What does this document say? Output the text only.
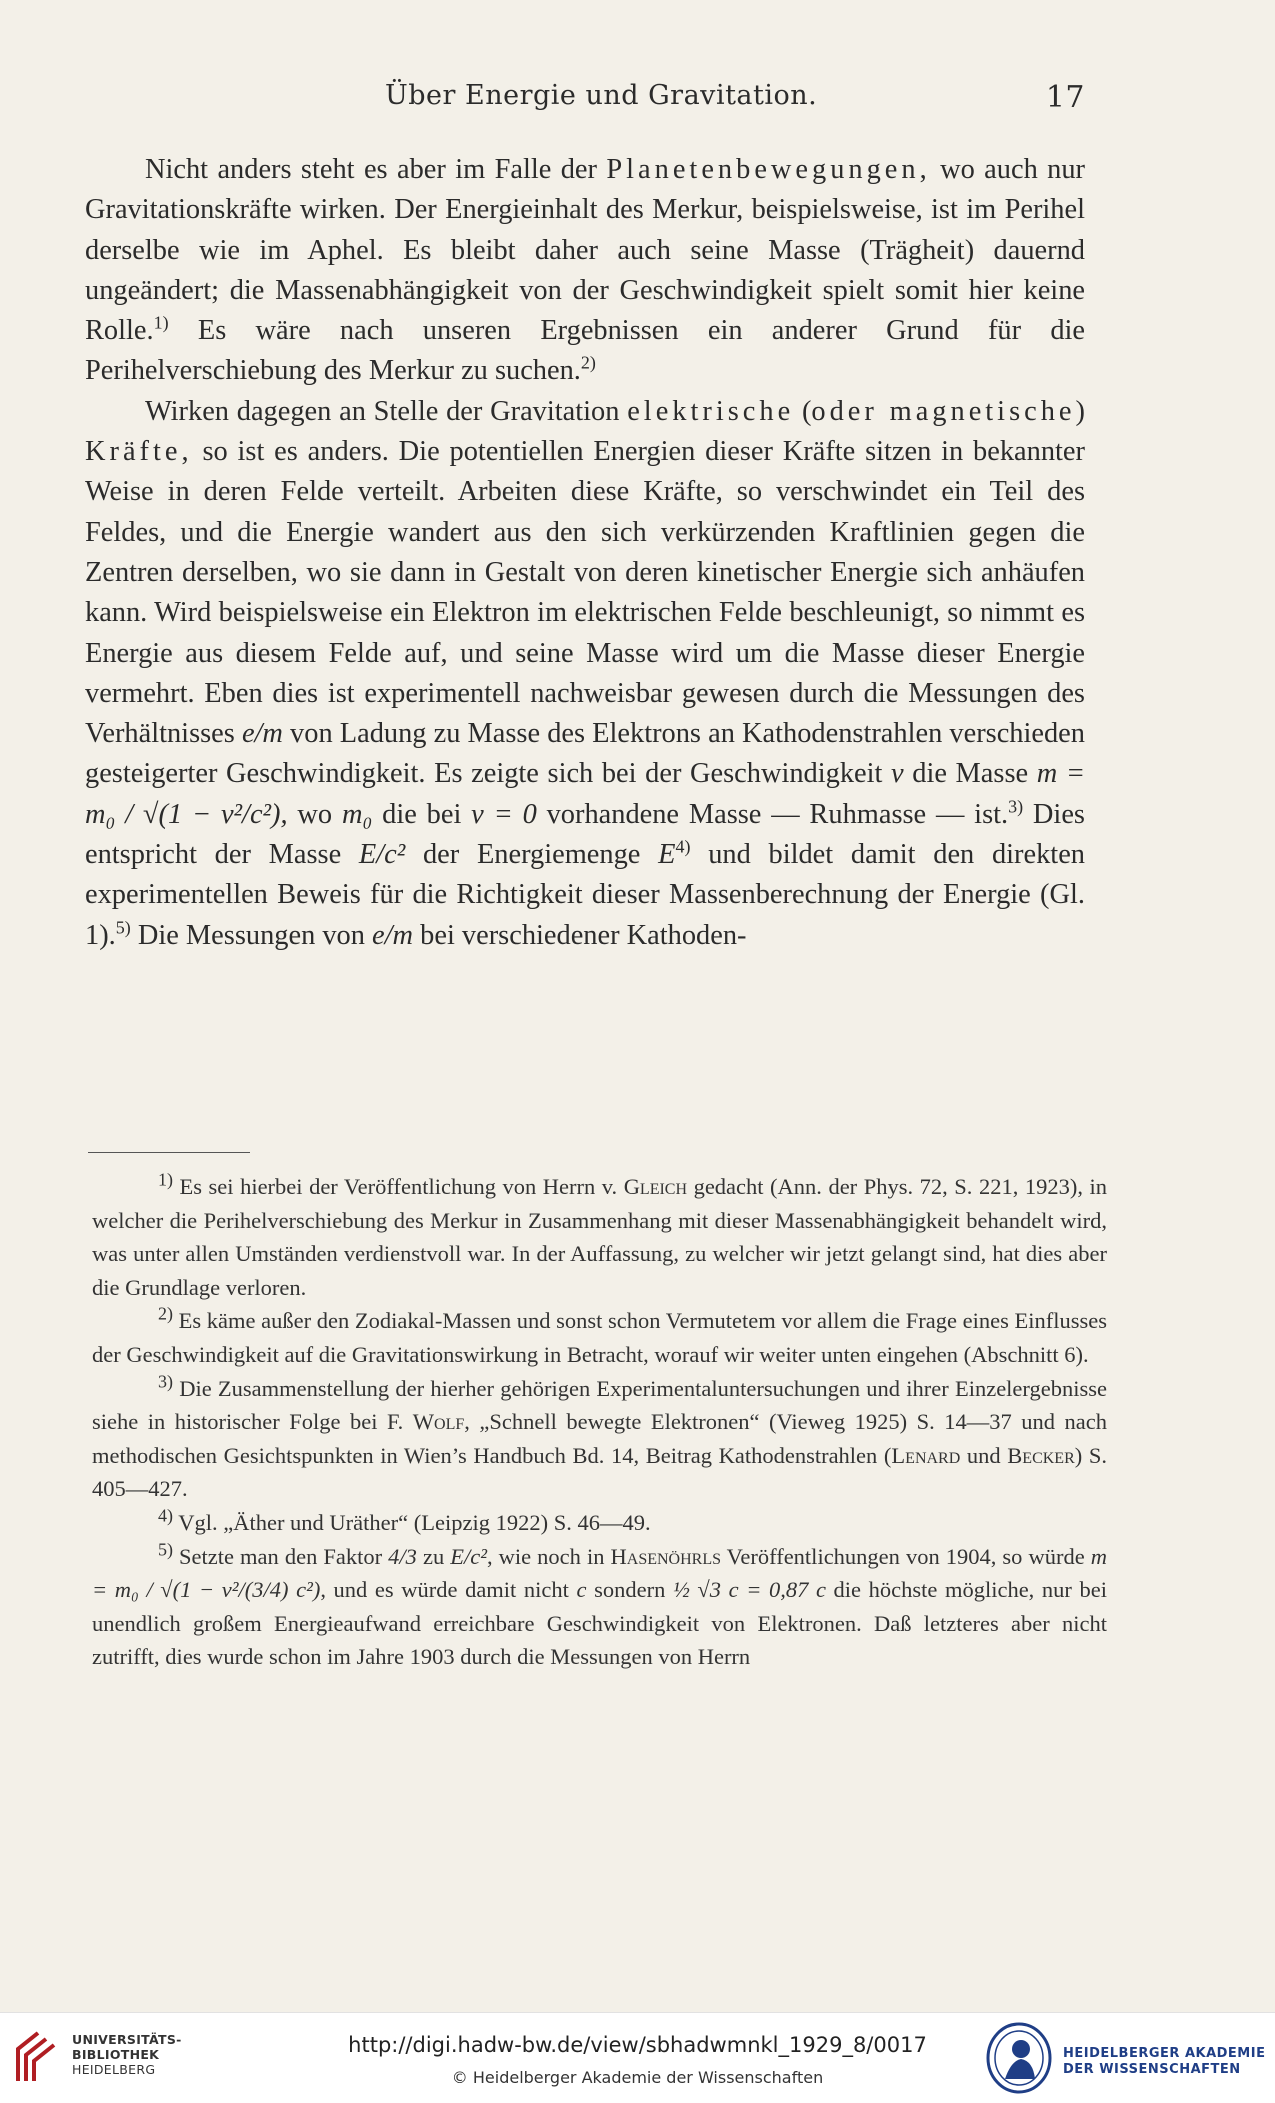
Über Energie und Gravitation.	17

Nicht anders steht es aber im Falle der Planetenbewegungen, wo auch nur Gravitationskräfte wirken. Der Energieinhalt des Merkur, beispielsweise, ist im Perihel derselbe wie im Aphel. Es bleibt daher auch seine Masse (Trägheit) dauernd ungeändert; die Massenabhängigkeit von der Geschwindigkeit spielt somit hier keine Rolle.$^{1)}$ Es wäre nach unseren Ergebnissen ein anderer Grund für die Perihelverschiebung des Merkur zu suchen.$^{2)}$

Wirken dagegen an Stelle der Gravitation elektrische (oder magnetische) Kräfte, so ist es anders. Die potentiellen Energien dieser Kräfte sitzen in bekannter Weise in deren Felde verteilt. Arbeiten diese Kräfte, so verschwindet ein Teil des Feldes, und die Energie wandert aus den sich verkürzenden Kraftlinien gegen die Zentren derselben, wo sie dann in Gestalt von deren kinetischer Energie sich anhäufen kann. Wird beispielsweise ein Elektron im elektrischen Felde beschleunigt, so nimmt es Energie aus diesem Felde auf, und seine Masse wird um die Masse dieser Energie vermehrt. Eben dies ist experimentell nachweisbar gewesen durch die Messungen des Verhältnisses e/m von Ladung zu Masse des Elektrons an Kathodenstrahlen verschieden gesteigerter Geschwindigkeit. Es zeigte sich bei der Geschwindigkeit v die Masse m = m₀ / √(1 − v²/c²), wo m₀ die bei v = 0 vorhandene Masse — Ruhmasse — ist.$^{3)}$ Dies entspricht der Masse E/c² der Energiemenge $E^{4)}$ und bildet damit den direkten experimentellen Beweis für die Richtigkeit dieser Massenberechnung der Energie (Gl. 1).$^{5)}$ Die Messungen von e/m bei verschiedener Kathoden-

$^{1)}$ Es sei hierbei der Veröffentlichung von Herrn v. Gleich gedacht (Ann. der Phys. 72, S. 221, 1923), in welcher die Perihelverschiebung des Merkur in Zusammenhang mit dieser Massenabhängigkeit behandelt wird, was unter allen Umständen verdienstvoll war. In der Auffassung, zu welcher wir jetzt gelangt sind, hat dies aber die Grundlage verloren.

$^{2)}$ Es käme außer den Zodiakal-Massen und sonst schon Vermutetem vor allem die Frage eines Einflusses der Geschwindigkeit auf die Gravitationswirkung in Betracht, worauf wir weiter unten eingehen (Abschnitt 6).

$^{3)}$ Die Zusammenstellung der hierher gehörigen Experimentaluntersuchungen und ihrer Einzelergebnisse siehe in historischer Folge bei F. Wolf, „Schnell bewegte Elektronen“ (Vieweg 1925) S. 14—37 und nach methodischen Gesichtspunkten in Wien’s Handbuch Bd. 14, Beitrag Kathodenstrahlen (Lenard und Becker) S. 405—427.

$^{4)}$ Vgl. „Äther und Uräther“ (Leipzig 1922) S. 46—49.

$^{5)}$ Setzte man den Faktor 4/3 zu E/c², wie noch in Hasenöhrls Veröffentlichungen von 1904, so würde m = m₀ / √(1 − v²/(3/4) c²), und es würde damit nicht c sondern ½ √3 c = 0,87 c die höchste mögliche, nur bei unendlich großem Energieaufwand erreichbare Geschwindigkeit von Elektronen. Daß letzteres aber nicht zutrifft, dies wurde schon im Jahre 1903 durch die Messungen von Herrn

UNIVERSITÄTS-
BIBLIOTHEK
HEIDELBERG
http://digi.hadw-bw.de/view/sbhadwmnkl_1929_8/0017
© Heidelberger Akademie der Wissenschaften
HEIDELBERGER AKADEMIE
DER WISSENSCHAFTEN
